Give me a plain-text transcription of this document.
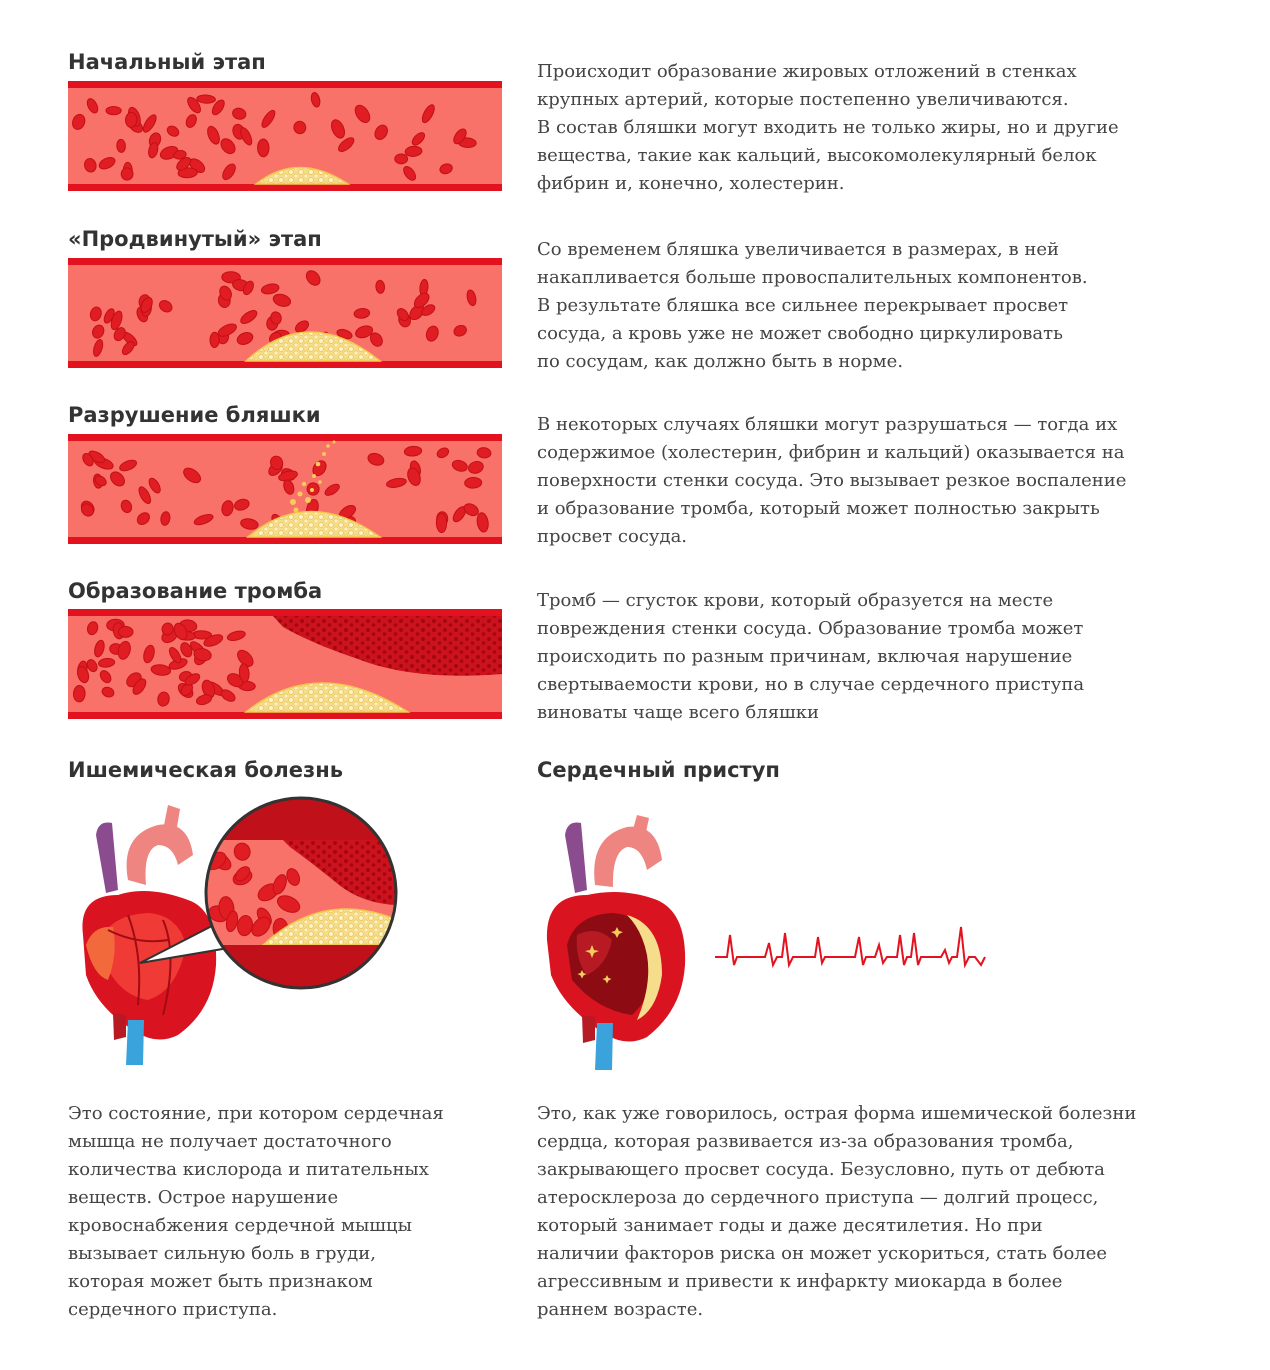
Начальный этап	Происходит образование жировых отложений в стенках

крупных артерий, которые постепенно увеличиваются.

В состав бляшки могут входить не только жиры, но и другие

вещества, такие как кальций, высокомолекулярный белок

фибрин и, конечно, холестерин.

«Продвинутый» этап	Со временем бляшка увеличивается в размерах, в ней

накапливается больше провоспалительных компонентов.

В результате бляшка все сильнее перекрывает просвет

сосуда, а кровь уже не может свободно циркулировать

по сосудам, как должно быть в норме.

Разрушение бляшки	В некоторых случаях бляшки могут разрушаться — тогда их

содержимое (холестерин, фибрин и кальций) оказывается на

поверхности стенки сосуда. Это вызывает резкое воспаление

и образование тромба, который может полностью закрыть

просвет сосуда.

Образование тромба	Тромб — сгусток крови, который образуется на месте

повреждения стенки сосуда. Образование тромба может

происходить по разным причинам, включая нарушение

свертываемости крови, но в случае сердечного приступа

виноваты чаще всего бляшки

Ишемическая болезнь

Это состояние, при котором сердечная

мышца не получает достаточного

количества кислорода и питательных

веществ. Острое нарушение

кровоснабжения сердечной мышцы

вызывает сильную боль в груди,

которая может быть признаком

сердечного приступа.

Сердечный приступ

Это, как уже говорилось, острая форма ишемической болезни

сердца, которая развивается из-за образования тромба,

закрывающего просвет сосуда. Безусловно, путь от дебюта

атеросклероза до сердечного приступа — долгий процесс,

который занимает годы и даже десятилетия. Но при

наличии факторов риска он может ускориться, стать более

агрессивным и привести к инфаркту миокарда в более

раннем возрасте.
